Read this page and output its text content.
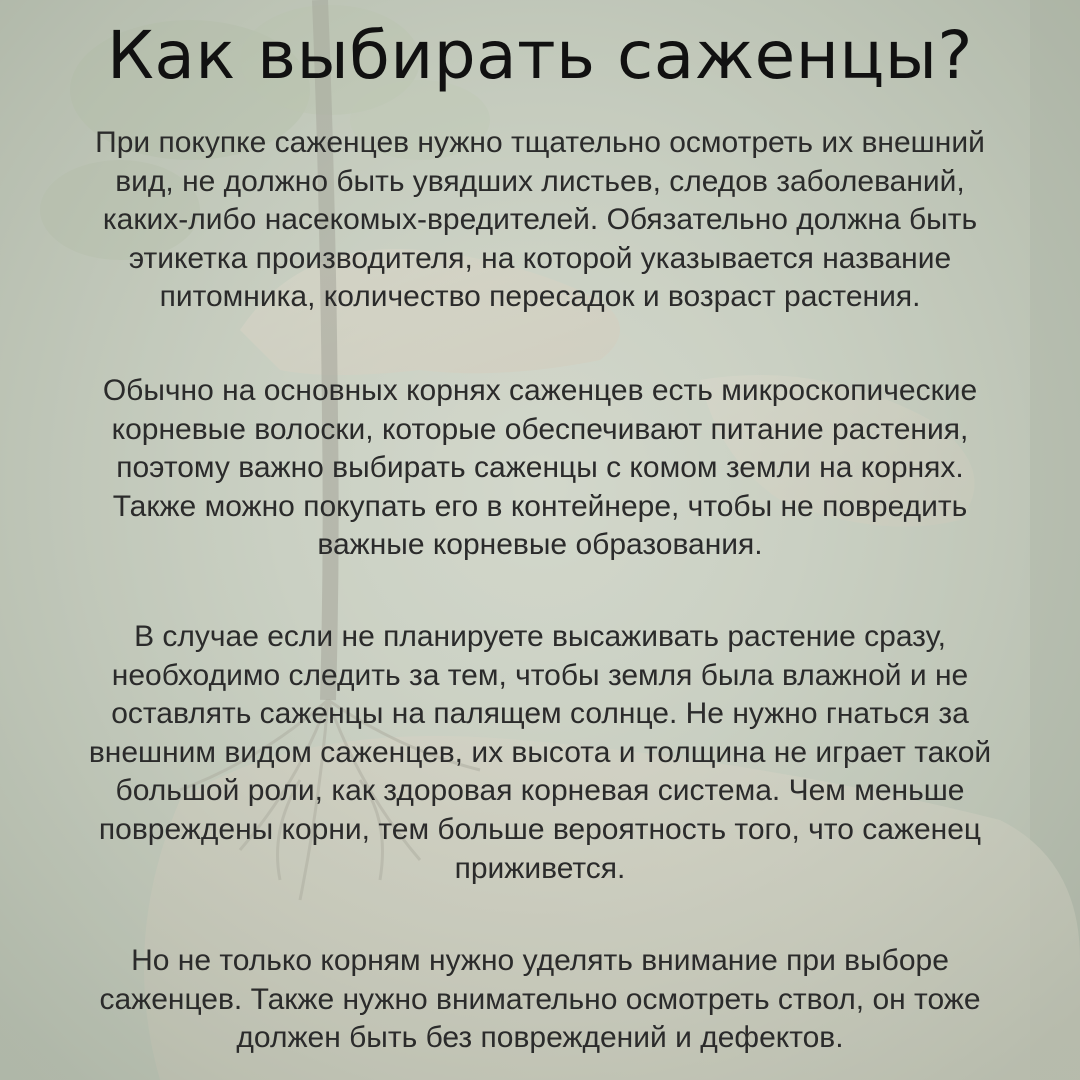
Как выбирать саженцы?

При покупке саженцев нужно тщательно осмотреть их внешний
вид, не должно быть увядших листьев, следов заболеваний,
каких-либо насекомых-вредителей. Обязательно должна быть
этикетка производителя, на которой указывается название
питомника, количество пересадок и возраст растения.

Обычно на основных корнях саженцев есть микроскопические
корневые волоски, которые обеспечивают питание растения,
поэтому важно выбирать саженцы с комом земли на корнях.
Также можно покупать его в контейнере, чтобы не повредить
важные корневые образования.

В случае если не планируете высаживать растение сразу,
необходимо следить за тем, чтобы земля была влажной и не
оставлять саженцы на палящем солнце. Не нужно гнаться за
внешним видом саженцев, их высота и толщина не играет такой
большой роли, как здоровая корневая система. Чем меньше
повреждены корни, тем больше вероятность того, что саженец
приживется.

Но не только корням нужно уделять внимание при выборе
саженцев. Также нужно внимательно осмотреть ствол, он тоже
должен быть без повреждений и дефектов.
